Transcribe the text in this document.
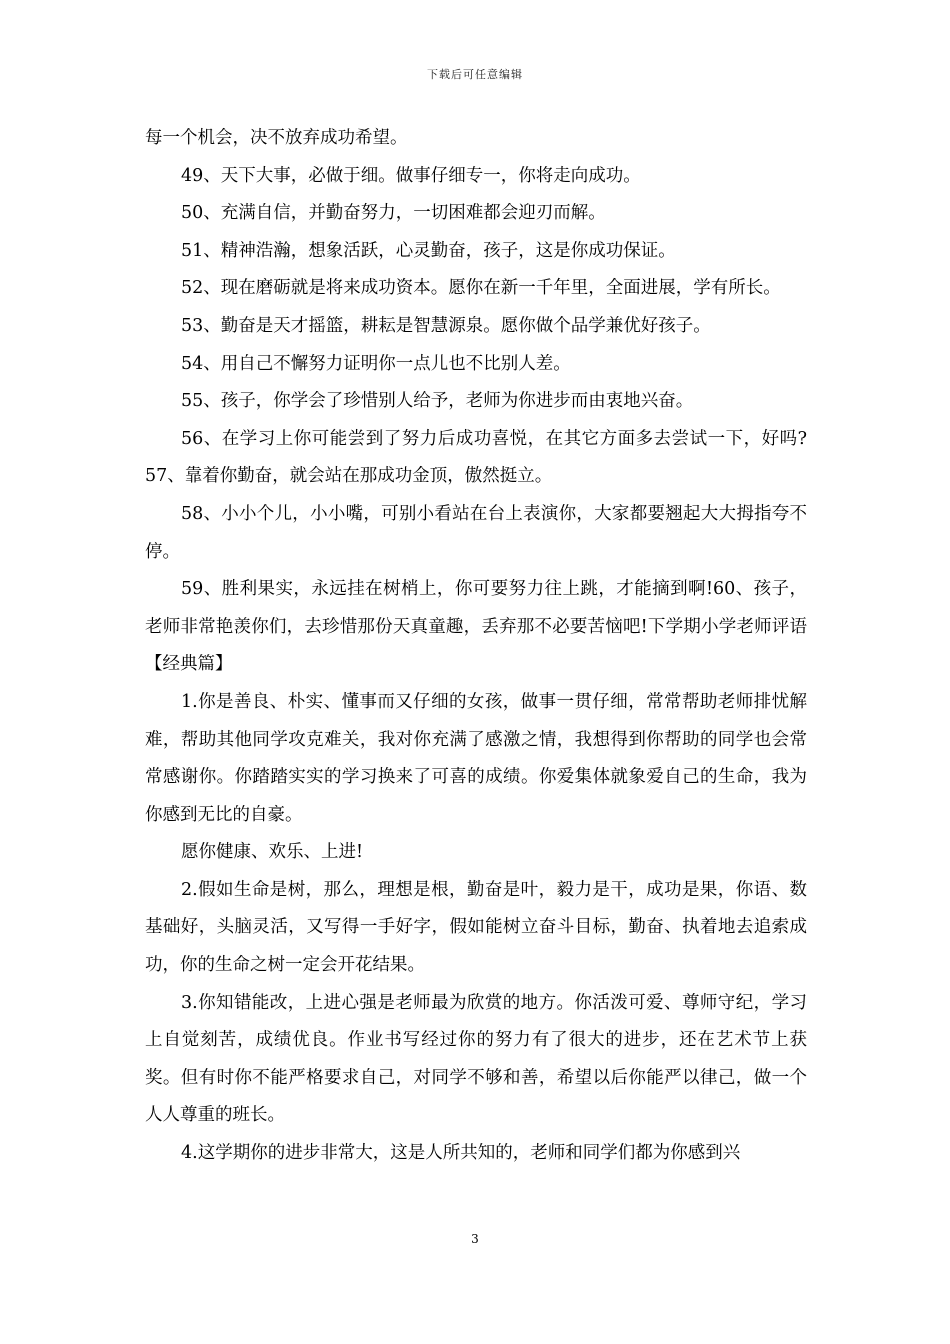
下载后可任意编辑

每一个机会，决不放弃成功希望。

49、天下大事，必做于细。做事仔细专一，你将走向成功。

50、充满自信，并勤奋努力，一切困难都会迎刃而解。

51、精神浩瀚，想象活跃，心灵勤奋，孩子，这是你成功保证。

52、现在磨砺就是将来成功资本。愿你在新一千年里，全面进展，学有所长。

53、勤奋是天才摇篮，耕耘是智慧源泉。愿你做个品学兼优好孩子。

54、用自己不懈努力证明你一点儿也不比别人差。

55、孩子，你学会了珍惜别人给予，老师为你进步而由衷地兴奋。

56、在学习上你可能尝到了努力后成功喜悦，在其它方面多去尝试一下，好吗?57、靠着你勤奋，就会站在那成功金顶，傲然挺立。

58、小小个儿，小小嘴，可别小看站在台上表演你，大家都要翘起大大拇指夸不停。

59、胜利果实，永远挂在树梢上，你可要努力往上跳，才能摘到啊!60、孩子，老师非常艳羡你们，去珍惜那份天真童趣，丢弃那不必要苦恼吧!下学期小学老师评语【经典篇】

1.你是善良、朴实、懂事而又仔细的女孩，做事一贯仔细，常常帮助老师排忧解难，帮助其他同学攻克难关，我对你充满了感激之情，我想得到你帮助的同学也会常常感谢你。你踏踏实实的学习换来了可喜的成绩。你爱集体就象爱自己的生命，我为你感到无比的自豪。

愿你健康、欢乐、上进!

2.假如生命是树，那么，理想是根，勤奋是叶，毅力是干，成功是果，你语、数基础好，头脑灵活，又写得一手好字，假如能树立奋斗目标，勤奋、执着地去追索成功，你的生命之树一定会开花结果。

3.你知错能改，上进心强是老师最为欣赏的地方。你活泼可爱、尊师守纪，学习上自觉刻苦，成绩优良。作业书写经过你的努力有了很大的进步，还在艺术节上获奖。但有时你不能严格要求自己，对同学不够和善，希望以后你能严以律己，做一个人人尊重的班长。

4.这学期你的进步非常大，这是人所共知的，老师和同学们都为你感到兴

3
